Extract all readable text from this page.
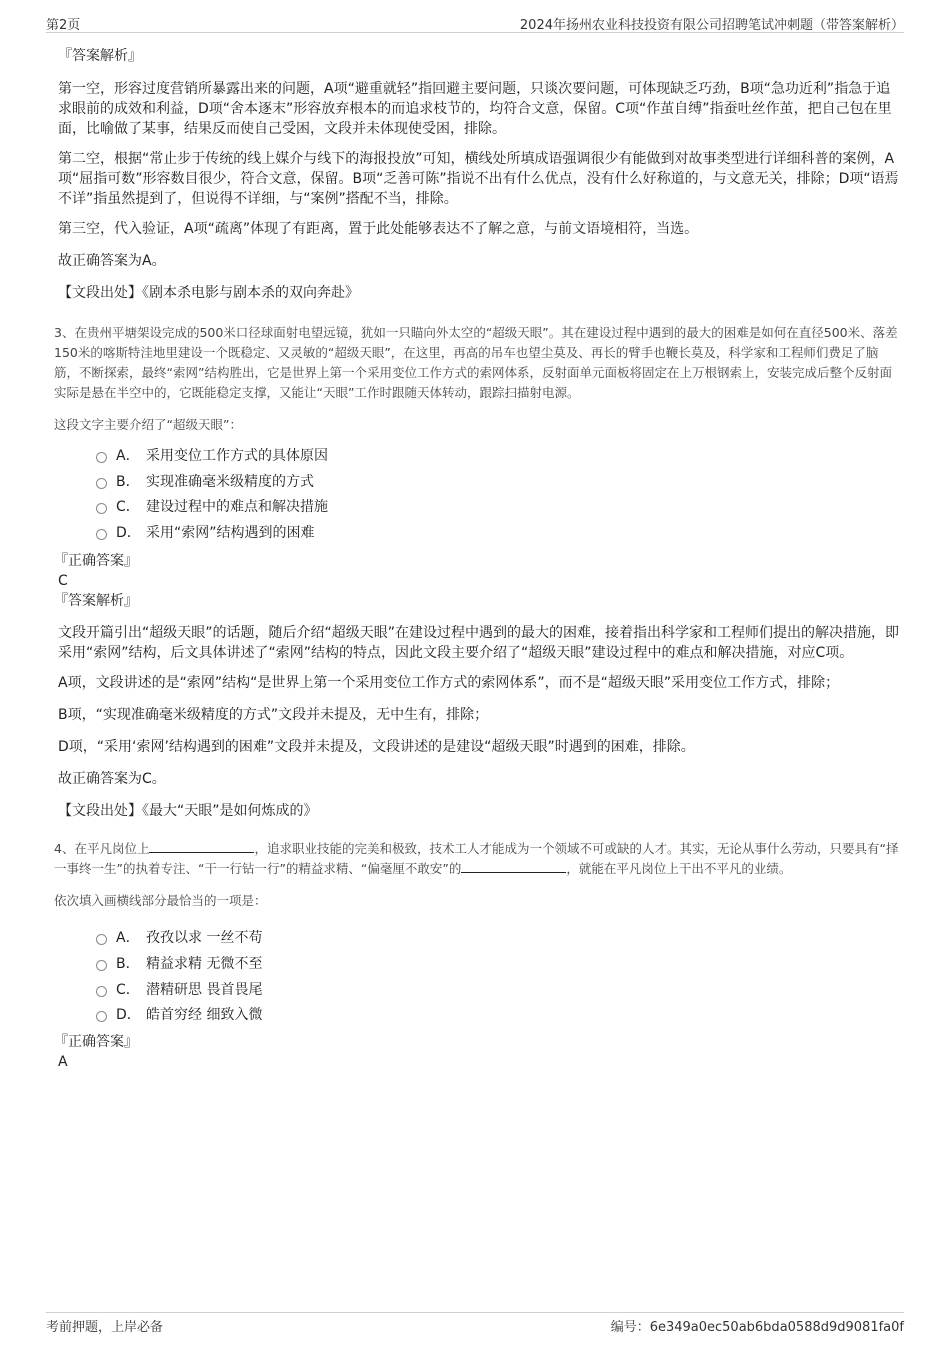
第2页	2024年扬州农业科技投资有限公司招聘笔试冲刺题（带答案解析）

『答案解析』

第一空，形容过度营销所暴露出来的问题，A项“避重就轻”指回避主要问题，只谈次要问题，可体现缺乏巧劲，B项“急功近利”指急于追求眼前的成效和利益，D项“舍本逐末”形容放弃根本的而追求枝节的，均符合文意，保留。C项“作茧自缚”指蚕吐丝作茧，把自己包在里面，比喻做了某事，结果反而使自己受困，文段并未体现使受困，排除。

第二空，根据“常止步于传统的线上媒介与线下的海报投放”可知，横线处所填成语强调很少有能做到对故事类型进行详细科普的案例，A项“屈指可数”形容数目很少，符合文意，保留。B项“乏善可陈”指说不出有什么优点，没有什么好称道的，与文意无关，排除；D项“语焉不详”指虽然提到了，但说得不详细，与“案例”搭配不当，排除。

第三空，代入验证，A项“疏离”体现了有距离，置于此处能够表达不了解之意，与前文语境相符，当选。

故正确答案为A。

【文段出处】《剧本杀电影与剧本杀的双向奔赴》

3、在贵州平塘架设完成的500米口径球面射电望远镜，犹如一只瞄向外太空的“超级天眼”。其在建设过程中遇到的最大的困难是如何在直径500米、落差150米的喀斯特洼地里建设一个既稳定、又灵敏的“超级天眼”，在这里，再高的吊车也望尘莫及、再长的臂手也鞭长莫及，科学家和工程师们费足了脑筋，不断探索，最终“索网”结构胜出，它是世界上第一个采用变位工作方式的索网体系，反射面单元面板将固定在上万根钢索上，安装完成后整个反射面实际是悬在半空中的，它既能稳定支撑，又能让“天眼”工作时跟随天体转动，跟踪扫描射电源。

这段文字主要介绍了“超级天眼”：

A． 采用变位工作方式的具体原因
B． 实现准确毫米级精度的方式
C． 建设过程中的难点和解决措施
D． 采用“索网”结构遇到的困难

『正确答案』

C

『答案解析』

文段开篇引出“超级天眼”的话题，随后介绍“超级天眼”在建设过程中遇到的最大的困难，接着指出科学家和工程师们提出的解决措施，即采用“索网”结构，后文具体讲述了“索网”结构的特点，因此文段主要介绍了“超级天眼”建设过程中的难点和解决措施，对应C项。

A项，文段讲述的是“索网”结构“是世界上第一个采用变位工作方式的索网体系”，而不是“超级天眼”采用变位工作方式，排除；

B项，“实现准确毫米级精度的方式”文段并未提及，无中生有，排除；

D项，“采用‘索网’结构遇到的困难”文段并未提及，文段讲述的是建设“超级天眼”时遇到的困难，排除。

故正确答案为C。

【文段出处】《最大“天眼”是如何炼成的》

4、在平凡岗位上	，追求职业技能的完美和极致，技术工人才能成为一个领域不可或缺的人才。其实，无论从事什么劳动，只要具有“择一事终一生”的执着专注、“干一行钻一行”的精益求精、“偏毫厘不敢安”的	，就能在平凡岗位上干出不平凡的业绩。

依次填入画横线部分最恰当的一项是：

A． 孜孜以求 一丝不苟
B． 精益求精 无微不至
C． 潜精研思 畏首畏尾
D． 皓首穷经 细致入微

『正确答案』

A

考前押题，上岸必备	编号：6e349a0ec50ab6bda0588d9d9081fa0f
